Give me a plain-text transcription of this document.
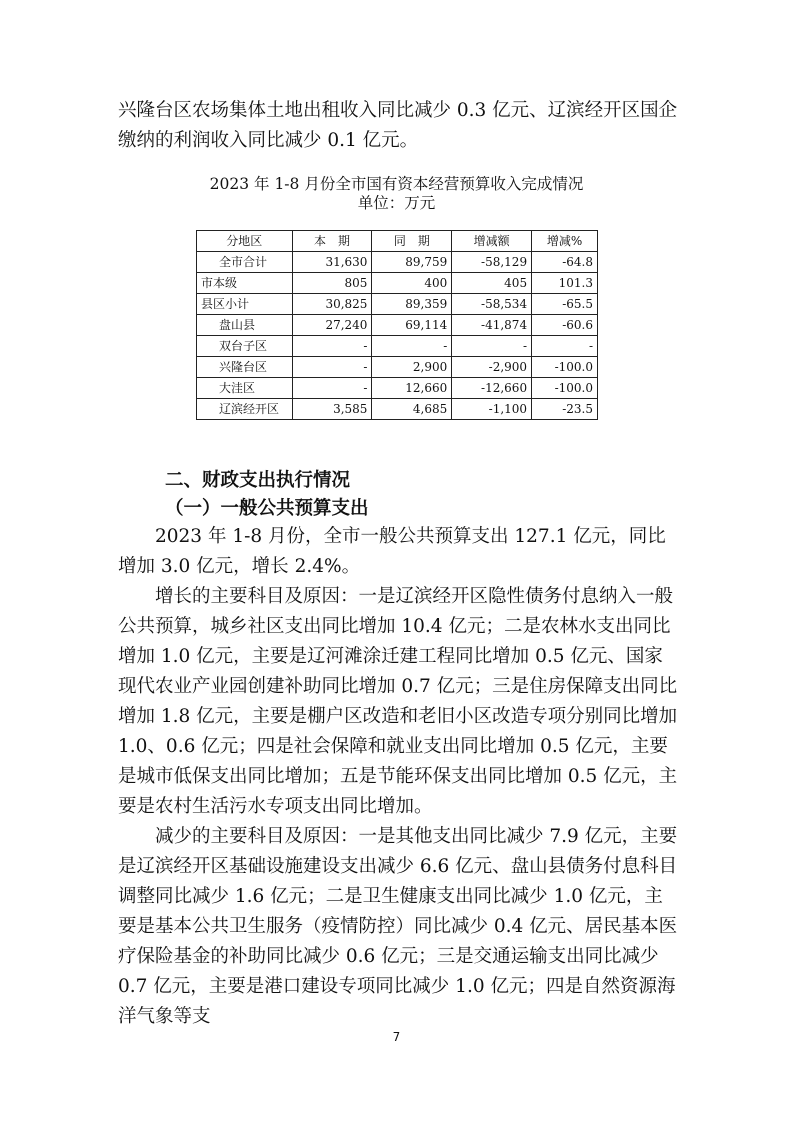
兴隆台区农场集体土地出租收入同比减少 0.3 亿元、辽滨经开区国企缴纳的利润收入同比减少 0.1 亿元。
2023 年 1-8 月份全市国有资本经营预算收入完成情况
单位：万元
分地区	本　期	同　期	增减额	增减%
全市合计	31,630	89,759	-58,129	-64.8
市本级	805	400	405	101.3
县区小计	30,825	89,359	-58,534	-65.5
盘山县	27,240	69,114	-41,874	-60.6
双台子区	-	-	-	-
兴隆台区	-	2,900	-2,900	-100.0
大洼区	-	12,660	-12,660	-100.0
辽滨经开区	3,585	4,685	-1,100	-23.5
二、财政支出执行情况
（一）一般公共预算支出
2023 年 1-8 月份，全市一般公共预算支出 127.1 亿元，同比增加 3.0 亿元，增长 2.4%。
增长的主要科目及原因：一是辽滨经开区隐性债务付息纳入一般公共预算，城乡社区支出同比增加 10.4 亿元；二是农林水支出同比增加 1.0 亿元，主要是辽河滩涂迁建工程同比增加 0.5 亿元、国家现代农业产业园创建补助同比增加 0.7 亿元；三是住房保障支出同比增加 1.8 亿元，主要是棚户区改造和老旧小区改造专项分别同比增加 1.0、0.6 亿元；四是社会保障和就业支出同比增加 0.5 亿元，主要是城市低保支出同比增加；五是节能环保支出同比增加 0.5 亿元，主要是农村生活污水专项支出同比增加。
减少的主要科目及原因：一是其他支出同比减少 7.9 亿元，主要是辽滨经开区基础设施建设支出减少 6.6 亿元、盘山县债务付息科目调整同比减少 1.6 亿元；二是卫生健康支出同比减少 1.0 亿元，主要是基本公共卫生服务（疫情防控）同比减少 0.4 亿元、居民基本医疗保险基金的补助同比减少 0.6 亿元；三是交通运输支出同比减少 0.7 亿元，主要是港口建设专项同比减少 1.0 亿元；四是自然资源海洋气象等支
7
